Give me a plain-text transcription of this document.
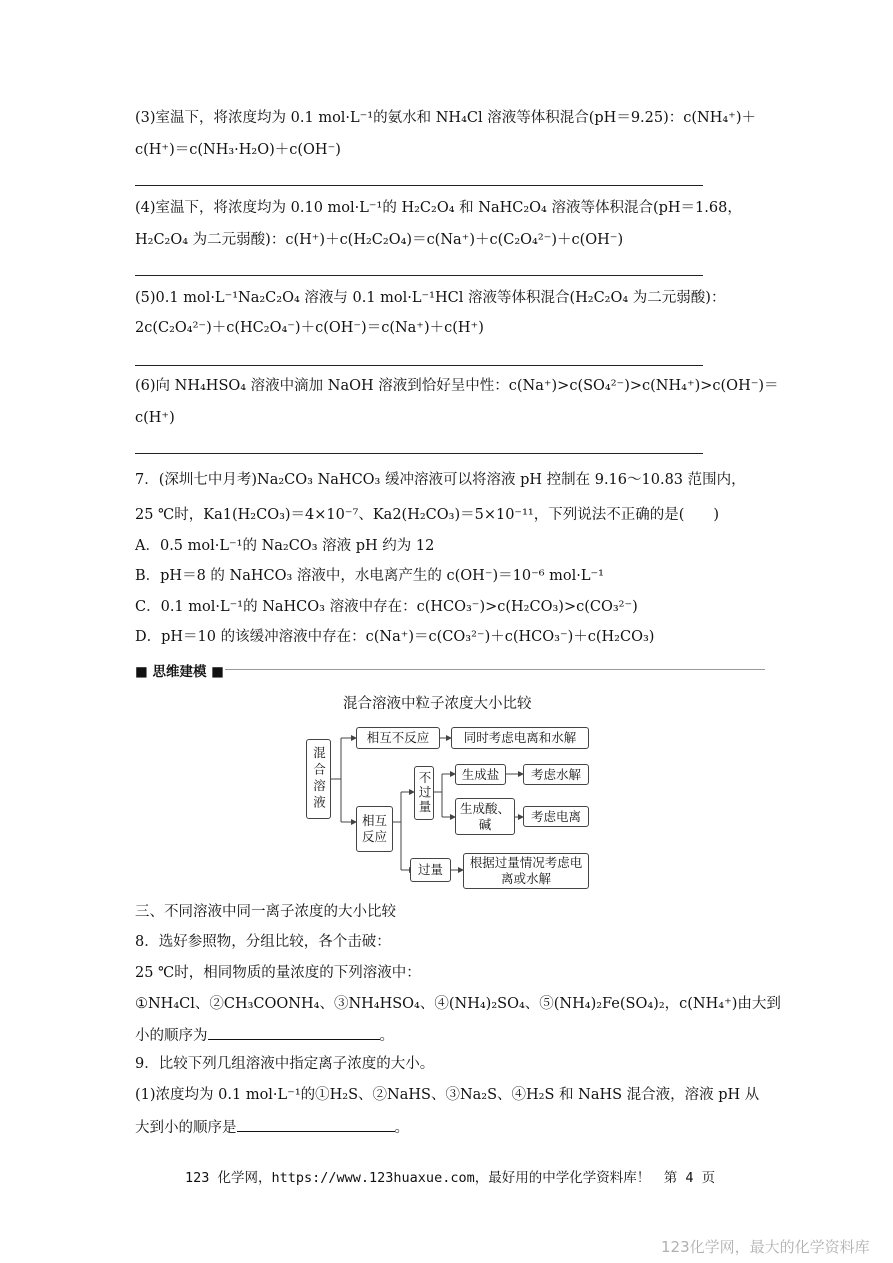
(3)室温下，将浓度均为 0.1 mol·L⁻¹的氨水和 NH₄Cl 溶液等体积混合(pH＝9.25)：c(NH₄⁺)＋
c(H⁺)＝c(NH₃·H₂O)＋c(OH⁻)
(4)室温下，将浓度均为 0.10 mol·L⁻¹的 H₂C₂O₄ 和 NaHC₂O₄ 溶液等体积混合(pH＝1.68，
H₂C₂O₄ 为二元弱酸)：c(H⁺)＋c(H₂C₂O₄)＝c(Na⁺)＋c(C₂O₄²⁻)＋c(OH⁻)
(5)0.1 mol·L⁻¹Na₂C₂O₄ 溶液与 0.1 mol·L⁻¹HCl 溶液等体积混合(H₂C₂O₄ 为二元弱酸)：
2c(C₂O₄²⁻)＋c(HC₂O₄⁻)＋c(OH⁻)＝c(Na⁺)＋c(H⁺)
(6)向 NH₄HSO₄ 溶液中滴加 NaOH 溶液到恰好呈中性：c(Na⁺)>c(SO₄²⁻)>c(NH₄⁺)>c(OH⁻)＝
c(H⁺)
7．(深圳七中月考)Na₂CO₃ NaHCO₃ 缓冲溶液可以将溶液 pH 控制在 9.16～10.83 范围内，
25 ℃时，Ka1(H₂CO₃)＝4×10⁻⁷、Ka2(H₂CO₃)＝5×10⁻¹¹，下列说法不正确的是(　　)
A．0.5 mol·L⁻¹的 Na₂CO₃ 溶液 pH 约为 12
B．pH＝8 的 NaHCO₃ 溶液中，水电离产生的 c(OH⁻)＝10⁻⁶ mol·L⁻¹
C．0.1 mol·L⁻¹的 NaHCO₃ 溶液中存在：c(HCO₃⁻)>c(H₂CO₃)>c(CO₃²⁻)
D．pH＝10 的该缓冲溶液中存在：c(Na⁺)＝c(CO₃²⁻)＋c(HCO₃⁻)＋c(H₂CO₃)
■ 思维建模 ■
混合溶液中粒子浓度大小比较
混合溶液
相互不反应	同时考虑电离和水解
相互反应
不过量	生成盐	考虑水解
生成酸、碱
考虑电离
过量	根据过量情况考虑电离或水解
三、不同溶液中同一离子浓度的大小比较
8．选好参照物，分组比较，各个击破：
25 ℃时，相同物质的量浓度的下列溶液中：
①NH₄Cl、②CH₃COONH₄、③NH₄HSO₄、④(NH₄)₂SO₄、⑤(NH₄)₂Fe(SO₄)₂，c(NH₄⁺)由大到
小的顺序为	。
9．比较下列几组溶液中指定离子浓度的大小。
(1)浓度均为 0.1 mol·L⁻¹的①H₂S、②NaHS、③Na₂S、④H₂S 和 NaHS 混合液，溶液 pH 从
大到小的顺序是	。
123 化学网，https://www.123huaxue.com，最好用的中学化学资料库！　第 4 页
123化学网，最大的化学资料库
